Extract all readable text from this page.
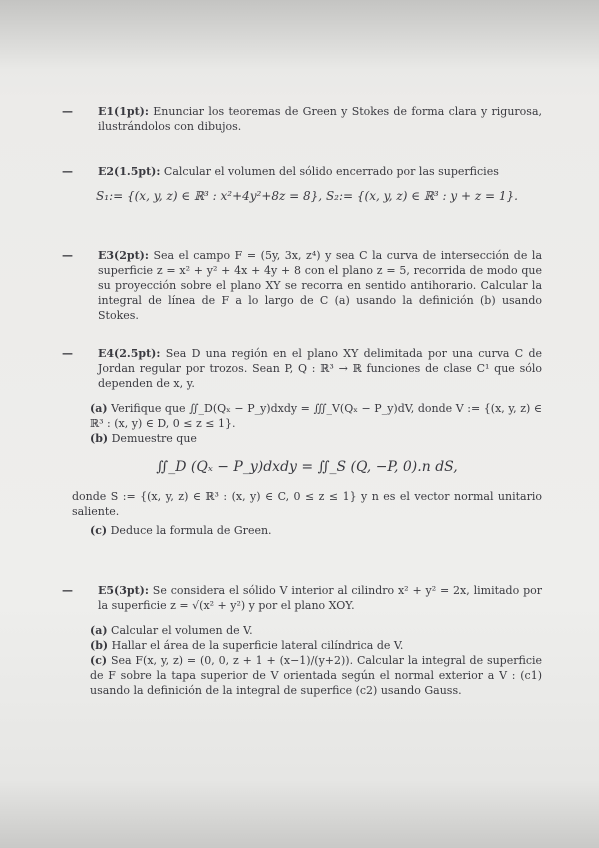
—	E1(1pt): Enunciar los teoremas de Green y Stokes de forma clara y rigurosa, ilustrándolos con dibujos.

—	E2(1.5pt): Calcular el volumen del sólido encerrado por las superficies

S₁:= {(x, y, z) ∈ ℝ³ : x²+4y²+8z = 8}, S₂:= {(x, y, z) ∈ ℝ³ : y + z = 1}.
—	E3(2pt): Sea el campo F = (5y, 3x, z⁴) y sea C la curva de intersección de la superficie z = x² + y² + 4x + 4y + 8 con el plano z = 5, recorrida de modo que su proyección sobre el plano XY se recorra en sentido antihorario. Calcular la integral de línea de F a lo largo de C (a) usando la definición (b) usando Stokes.

—	E4(2.5pt): Sea D una región en el plano XY delimitada por una curva C de Jordan regular por trozos. Sean P, Q : ℝ³ → ℝ funciones de clase C¹ que sólo dependen de x, y.

(a) Verifique que ∬_D(Qₓ − P_y)dxdy = ∭_V(Qₓ − P_y)dV, donde V := {(x, y, z) ∈ ℝ³ : (x, y) ∈ D, 0 ≤ z ≤ 1}.

(b) Demuestre que

∬_D (Qₓ − P_y)dxdy = ∬_S (Q, −P, 0).n dS,

donde S := {(x, y, z) ∈ ℝ³ : (x, y) ∈ C, 0 ≤ z ≤ 1} y n es el vector normal unitario saliente.

(c) Deduce la formula de Green.

—	E5(3pt): Se considera el sólido V interior al cilindro x² + y² = 2x, limitado por la superficie z = √(x² + y²) y por el plano XOY.

(a) Calcular el volumen de V.

(b) Hallar el área de la superficie lateral cilíndrica de V.

(c) Sea F(x, y, z) = (0, 0, z + 1 + (x−1)/(y+2)). Calcular la integral de superficie de F sobre la tapa superior de V orientada según el normal exterior a V : (c1) usando la definición de la integral de superfice (c2) usando Gauss.
